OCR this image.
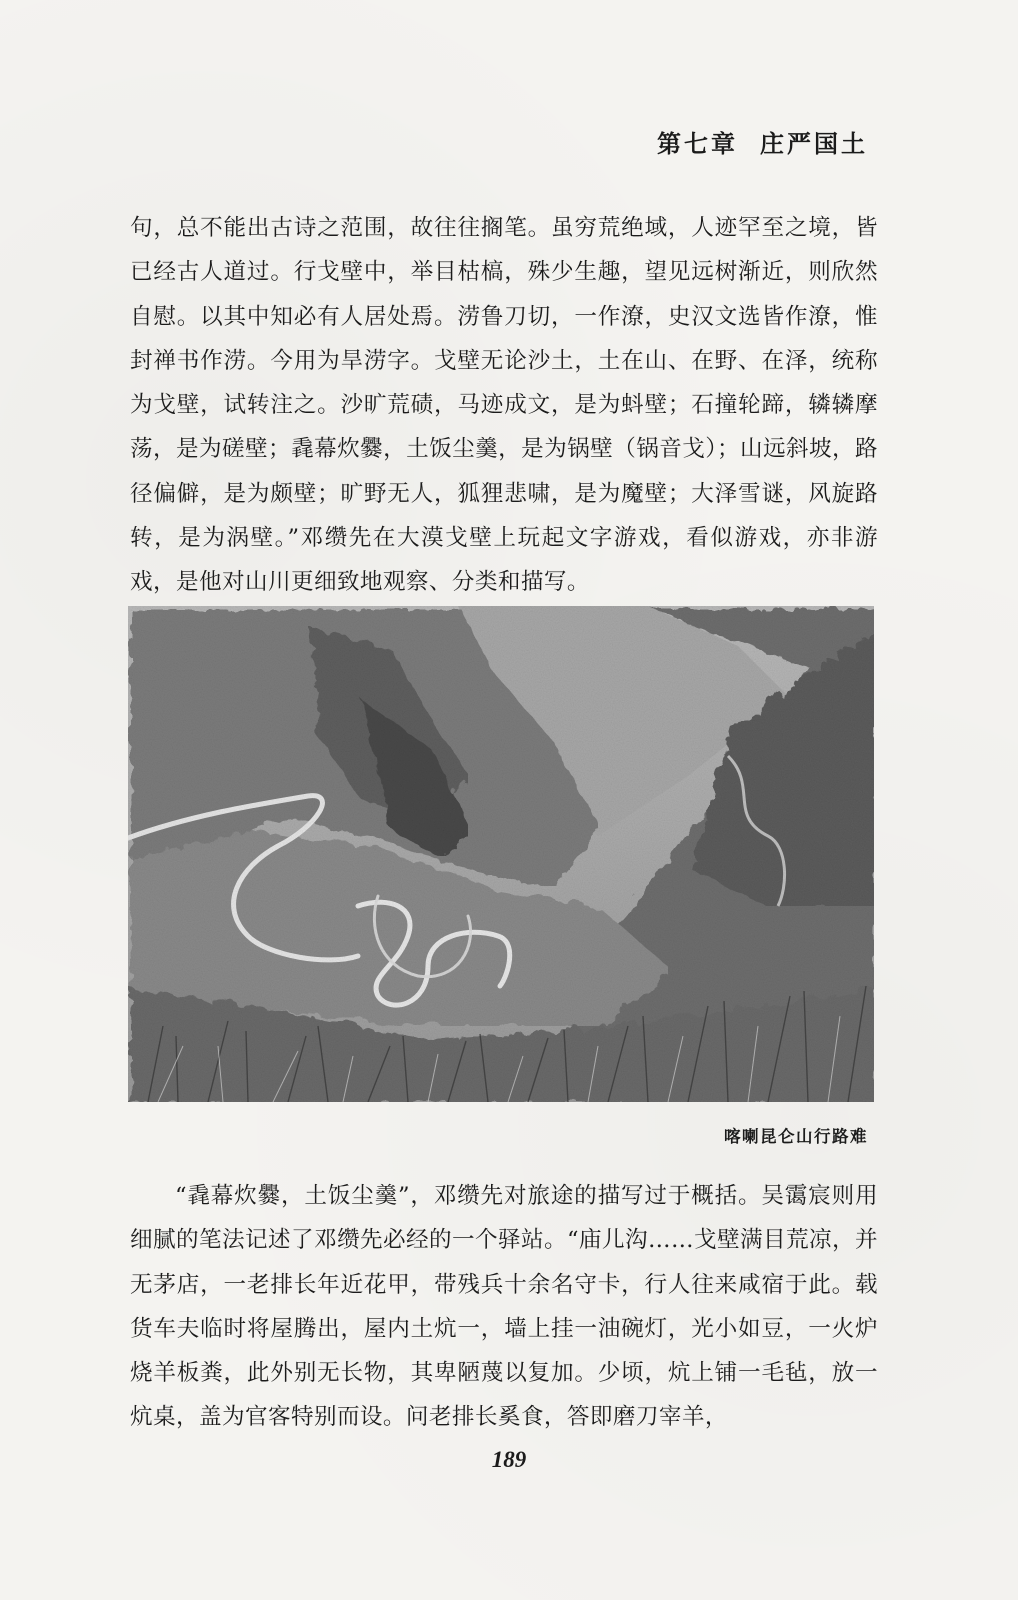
第七章 庄严国土

句，总不能出古诗之范围，故往往搁笔。虽穷荒绝域，人迹罕至之境，皆已经古人道过。行戈壁中，举目枯槁，殊少生趣，望见远树渐近，则欣然自慰。以其中知必有人居处焉。涝鲁刀切，一作潦，史汉文选皆作潦，惟封禅书作涝。今用为旱涝字。戈壁无论沙土，土在山、在野、在泽，统称为戈壁，试转注之。沙旷荒碛，马迹成文，是为蚪壁；石撞轮蹄，辚辚摩荡，是为磋壁；毳幕炊爨，土饭尘羹，是为锅壁（锅音戈）；山远斜坡，路径偏僻，是为颇壁；旷野无人，狐狸悲啸，是为魔壁；大泽雪谜，风旋路转，是为涡壁。”邓缵先在大漠戈壁上玩起文字游戏，看似游戏，亦非游戏，是他对山川更细致地观察、分类和描写。

喀喇昆仑山行路难

“毳幕炊爨，土饭尘羹”，邓缵先对旅途的描写过于概括。吴霭宸则用细腻的笔法记述了邓缵先必经的一个驿站。“庙儿沟……戈壁满目荒凉，并无茅店，一老排长年近花甲，带残兵十余名守卡，行人往来咸宿于此。载货车夫临时将屋腾出，屋内土炕一，墙上挂一油碗灯，光小如豆，一火炉烧羊板粪，此外别无长物，其卑陋蔑以复加。少顷，炕上铺一毛毡，放一炕桌，盖为官客特别而设。问老排长奚食，答即磨刀宰羊，

189
